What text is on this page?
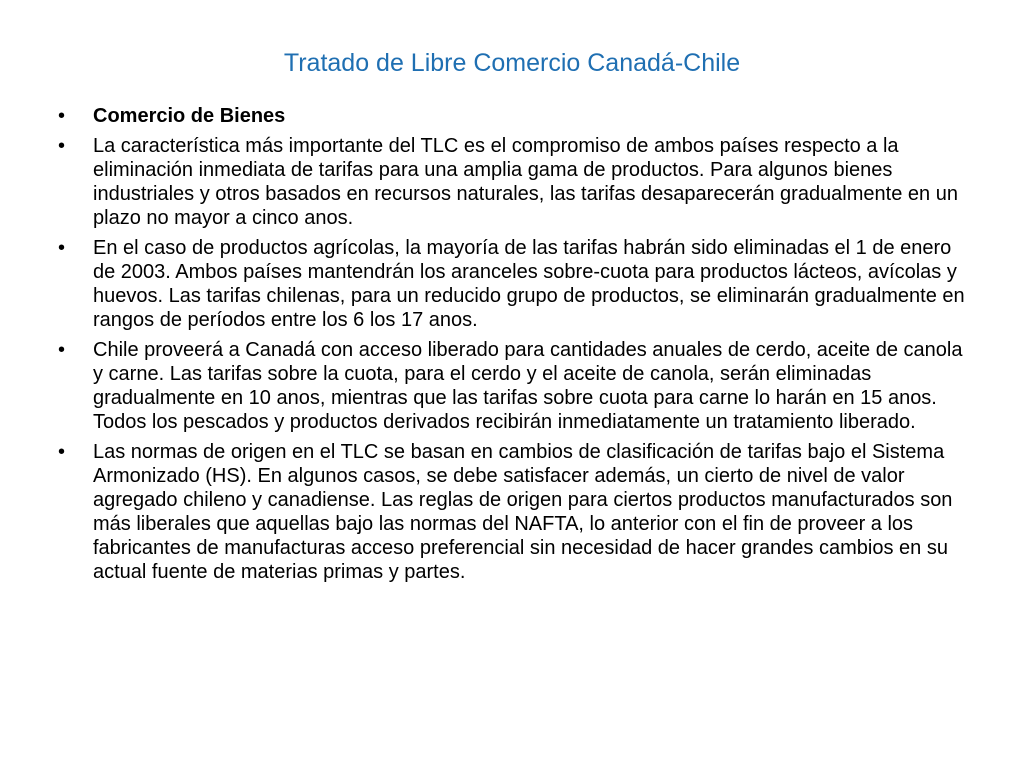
Tratado de Libre Comercio Canadá-Chile
•	Comercio de Bienes
•	La característica más importante del TLC es el compromiso de ambos países respecto a la eliminación inmediata de tarifas para una amplia gama de productos. Para algunos bienes industriales y otros basados en recursos naturales, las tarifas desaparecerán gradualmente en un plazo no mayor a cinco anos.
•	En el caso de productos agrícolas, la mayoría de las tarifas habrán sido eliminadas el 1 de enero de 2003. Ambos países mantendrán los aranceles sobre-cuota para productos lácteos, avícolas y huevos. Las tarifas chilenas, para un reducido grupo de productos, se eliminarán gradualmente en rangos de períodos entre los 6 los 17 anos.
•	Chile proveerá a Canadá con acceso liberado para cantidades anuales de cerdo, aceite de canola y carne. Las tarifas sobre la cuota, para el cerdo y el aceite de canola, serán eliminadas gradualmente en 10 anos, mientras que las tarifas sobre cuota para carne lo harán en 15 anos. Todos los pescados y productos derivados recibirán inmediatamente un tratamiento liberado.
•	Las normas de origen en el TLC se basan en cambios de clasificación de tarifas bajo el Sistema Armonizado (HS). En algunos casos, se debe satisfacer además, un cierto de nivel de valor agregado chileno y canadiense. Las reglas de origen para ciertos productos manufacturados son más liberales que aquellas bajo las normas del NAFTA, lo anterior con el fin de proveer a los fabricantes de manufacturas acceso preferencial sin necesidad de hacer grandes cambios en su actual fuente de materias primas y partes.
